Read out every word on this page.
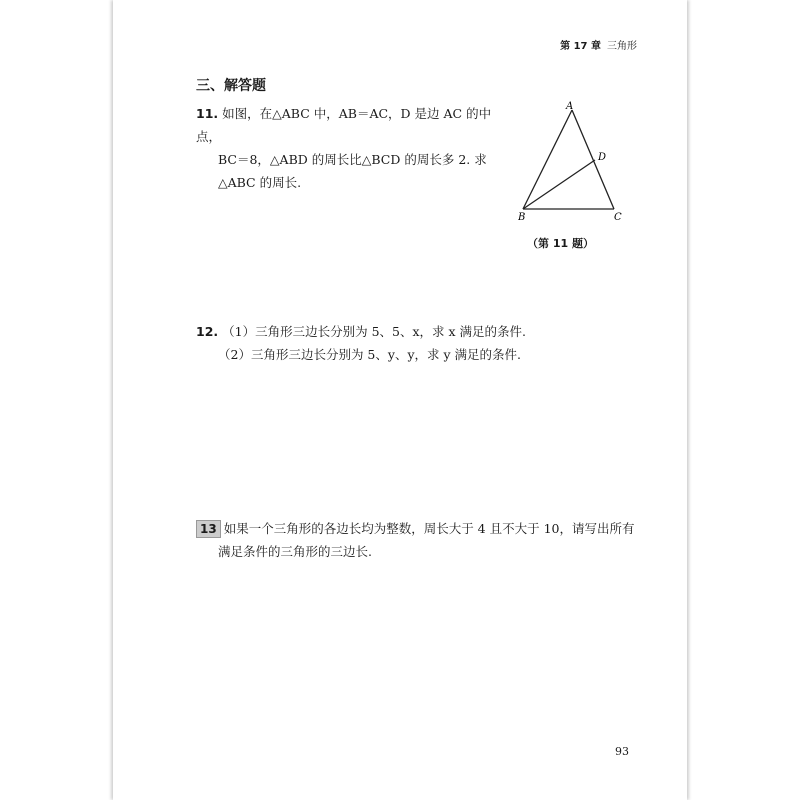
第 17 章 三角形
三、解答题
11. 如图，在△ABC 中，AB＝AC，D 是边 AC 的中点，
BC＝8，△ABD 的周长比△BCD 的周长多 2. 求
△ABC 的周长.
A
B	C
D
（第 11 题）
12. （1）三角形三边长分别为 5、5、x，求 x 满足的条件.
（2）三角形三边长分别为 5、y、y，求 y 满足的条件.
13 如果一个三角形的各边长均为整数，周长大于 4 且不大于 10，请写出所有
满足条件的三角形的三边长.
93
